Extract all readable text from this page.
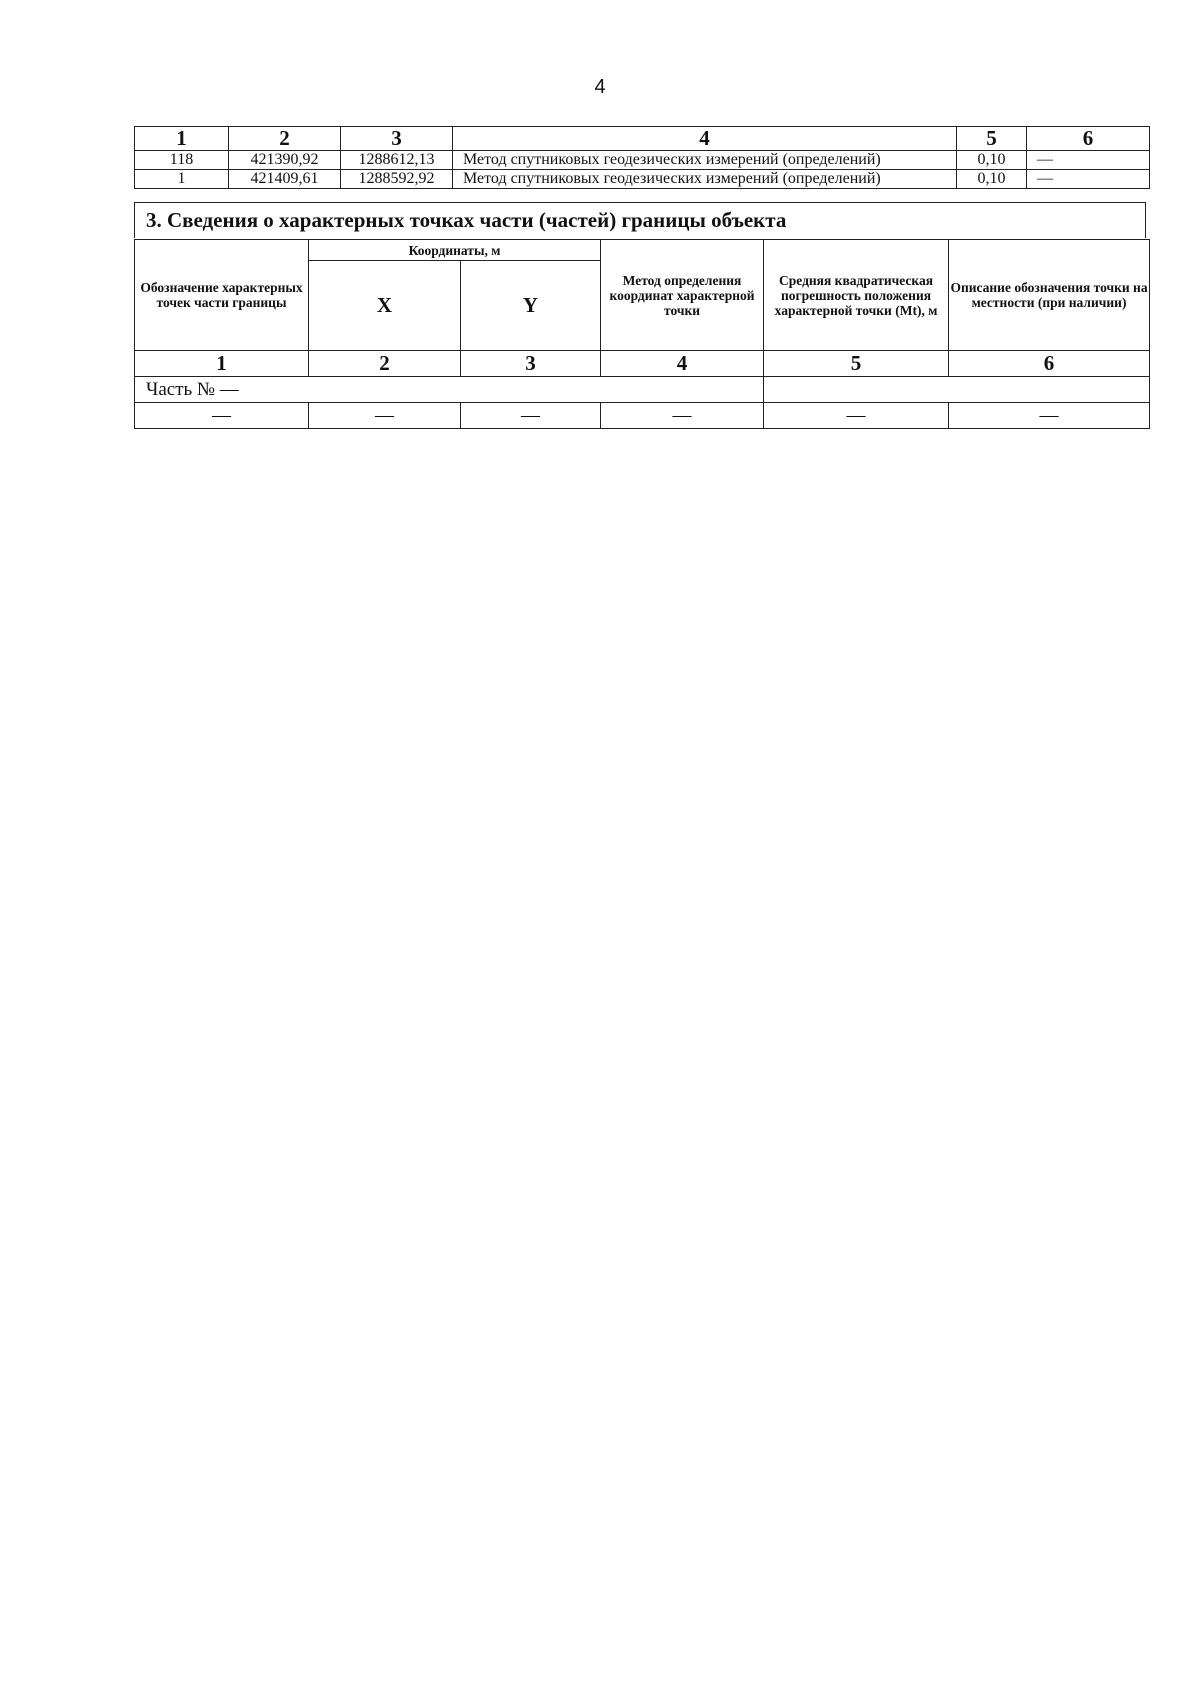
4
1	2	3	4	5	6
118	421390,92	1288612,13	Метод спутниковых геодезических измерений (определений)	0,10	—
1	421409,61	1288592,92	Метод спутниковых геодезических измерений (определений)	0,10	—
3. Сведения о характерных точках части (частей) границы объекта
Обозначение характерных точек части границы	Координаты, м		Метод определения координат характерной точки	Средняя квадратическая погрешность положения характерной точки (Mt), м	Описание обозначения точки на местности (при наличии)
	X	Y			
1	2	3	4	5	6
Часть № —					
—	—	—	—	—	—
